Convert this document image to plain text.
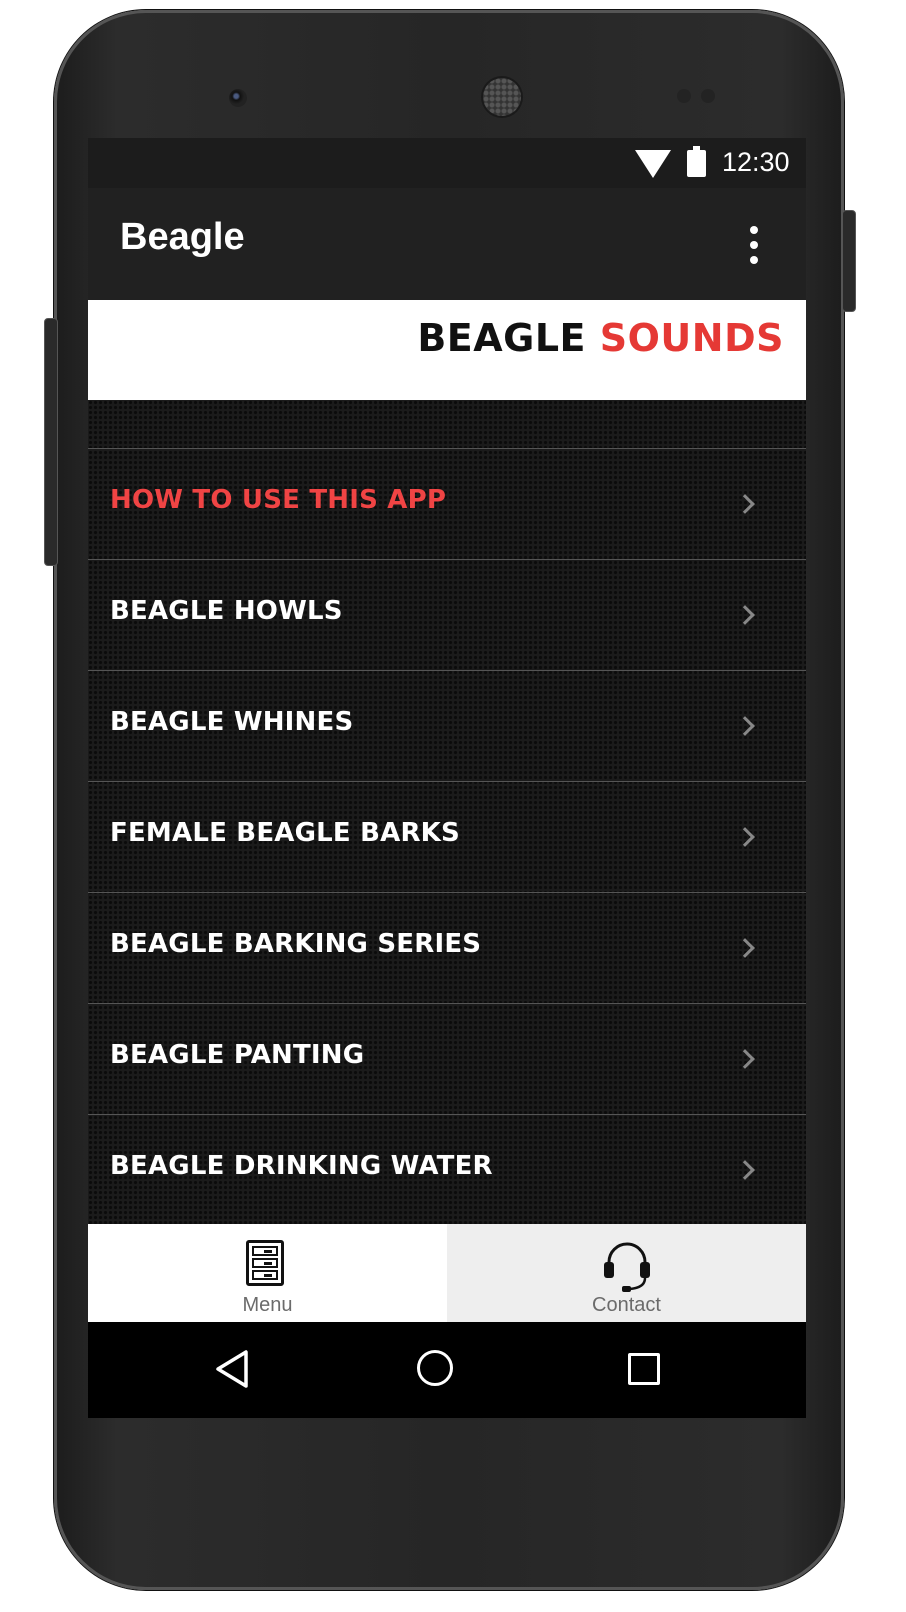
12:30
Beagle
BEAGLE SOUNDS
HOW TO USE THIS APP
BEAGLE HOWLS
BEAGLE WHINES
FEMALE BEAGLE BARKS
BEAGLE BARKING SERIES
BEAGLE PANTING
BEAGLE DRINKING WATER
Menu	Contact
